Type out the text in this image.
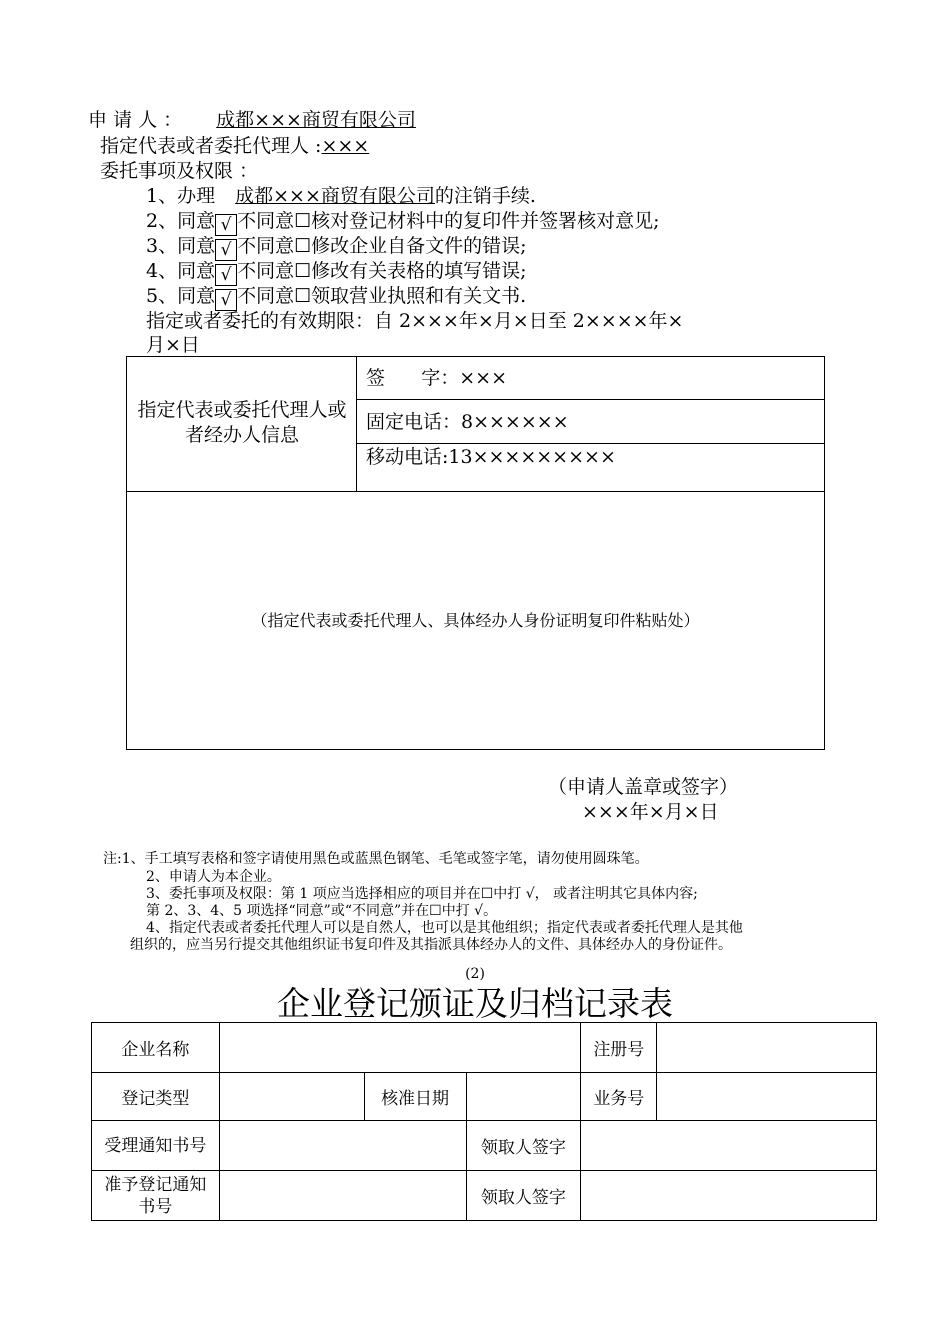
申 请 人 ： 成都×××商贸有限公司
指定代表或者委托代理人 :×××
委托事项及权限 ：
1、办理 成都×××商贸有限公司的注销手续.
2、同意 √ 不同意☐核对登记材料中的复印件并签署核对意见;
3、同意 √ 不同意☐修改企业自备文件的错误;
4、同意 √ 不同意☐修改有关表格的填写错误;
5、同意 √ 不同意☐领取营业执照和有关文书.
指定或者委托的有效期限：自 2×××年×月×日至 2××××年×
月×日
指定代表或委托代理人或者经办人信息
签      字：×××
固定电话：8××××××
移动电话:13×××××××××
（指定代表或委托代理人、具体经办人身份证明复印件粘贴处）
（申请人盖章或签字）
×××年×月×日
注:1、手工填写表格和签字请使用黑色或蓝黑色钢笔、毛笔或签字笔，请勿使用圆珠笔。
2、申请人为本企业。
3、委托事项及权限：第 1 项应当选择相应的项目并在☐中打 √， 或者注明其它具体内容;
第 2、3、4、5 项选择“同意”或“不同意”并在☐中打 √。
4、指定代表或者委托代理人可以是自然人，也可以是其他组织；指定代表或者委托代理人是其他
组织的，应当另行提交其他组织证书复印件及其指派具体经办人的文件、具体经办人的身份证件。
(2)
企业登记颁证及归档记录表
企业名称				注册号	
登记类型		核准日期		业务号	
受理通知书号			领取人签字		
准予登记通知书号			领取人签字		
